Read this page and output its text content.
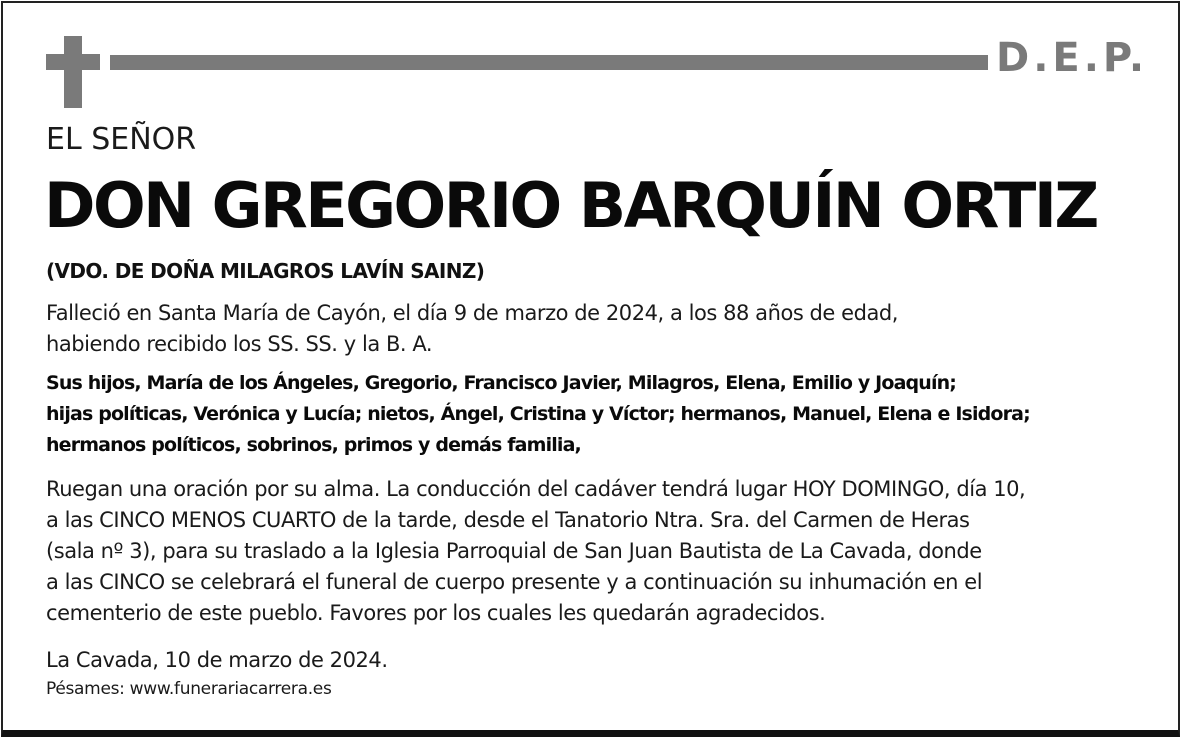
D.E.P.
EL SEÑOR
DON GREGORIO BARQUÍN ORTIZ
(VDO. DE DOÑA MILAGROS LAVÍN SAINZ)
Falleció en Santa María de Cayón, el día 9 de marzo de 2024, a los 88 años de edad,
habiendo recibido los SS. SS. y la B. A.
Sus hijos, María de los Ángeles, Gregorio, Francisco Javier, Milagros, Elena, Emilio y Joaquín;
hijas políticas, Verónica y Lucía; nietos, Ángel, Cristina y Víctor; hermanos, Manuel, Elena e Isidora;
hermanos políticos, sobrinos, primos y demás familia,
Ruegan una oración por su alma. La conducción del cadáver tendrá lugar HOY DOMINGO, día 10,
a las CINCO MENOS CUARTO de la tarde, desde el Tanatorio Ntra. Sra. del Carmen de Heras
(sala nº 3), para su traslado a la Iglesia Parroquial de San Juan Bautista de La Cavada, donde
a las CINCO se celebrará el funeral de cuerpo presente y a continuación su inhumación en el
cementerio de este pueblo. Favores por los cuales les quedarán agradecidos.
La Cavada, 10 de marzo de 2024.
Pésames: www.funerariacarrera.es
